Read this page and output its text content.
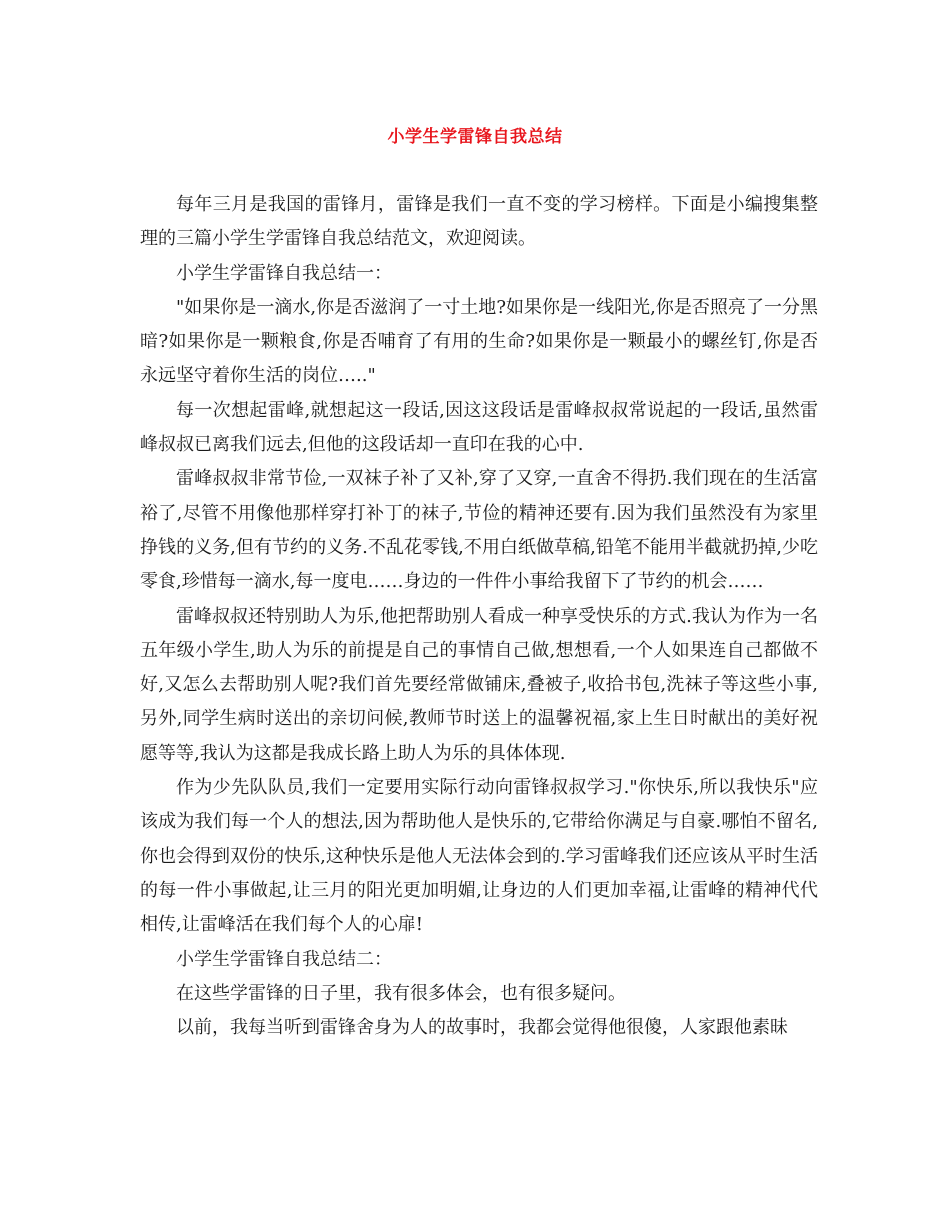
小学生学雷锋自我总结

每年三月是我国的雷锋月，雷锋是我们一直不变的学习榜样。下面是小编搜集整理的三篇小学生学雷锋自我总结范文，欢迎阅读。

小学生学雷锋自我总结一：

"如果你是一滴水,你是否滋润了一寸土地?如果你是一线阳光,你是否照亮了一分黑暗?如果你是一颗粮食,你是否哺育了有用的生命?如果你是一颗最小的螺丝钉,你是否永远坚守着你生活的岗位….."

每一次想起雷峰,就想起这一段话,因这这段话是雷峰叔叔常说起的一段话,虽然雷峰叔叔已离我们远去,但他的这段话却一直印在我的心中.

雷峰叔叔非常节俭,一双袜子补了又补,穿了又穿,一直舍不得扔.我们现在的生活富裕了,尽管不用像他那样穿打补丁的袜子,节俭的精神还要有.因为我们虽然没有为家里挣钱的义务,但有节约的义务.不乱花零钱,不用白纸做草稿,铅笔不能用半截就扔掉,少吃零食,珍惜每一滴水,每一度电……身边的一件件小事给我留下了节约的机会……

雷峰叔叔还特别助人为乐,他把帮助别人看成一种享受快乐的方式.我认为作为一名五年级小学生,助人为乐的前提是自己的事情自己做,想想看,一个人如果连自己都做不好,又怎么去帮助别人呢?我们首先要经常做铺床,叠被子,收拾书包,洗袜子等这些小事,另外,同学生病时送出的亲切问候,教师节时送上的温馨祝福,家上生日时献出的美好祝愿等等,我认为这都是我成长路上助人为乐的具体体现.

作为少先队队员,我们一定要用实际行动向雷锋叔叔学习."你快乐,所以我快乐"应该成为我们每一个人的想法,因为帮助他人是快乐的,它带给你满足与自豪.哪怕不留名,你也会得到双份的快乐,这种快乐是他人无法体会到的.学习雷峰我们还应该从平时生活的每一件小事做起,让三月的阳光更加明媚,让身边的人们更加幸福,让雷峰的精神代代相传,让雷峰活在我们每个人的心扉!

小学生学雷锋自我总结二：

在这些学雷锋的日子里，我有很多体会，也有很多疑问。

以前，我每当听到雷锋舍身为人的故事时，我都会觉得他很傻，人家跟他素昧
